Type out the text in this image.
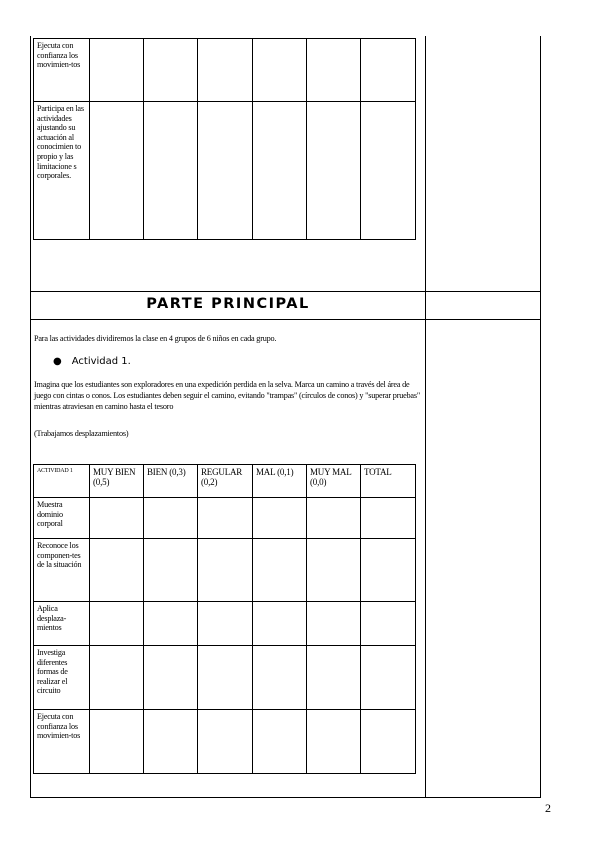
Ejecuta con confianza los movimien-tos						
Participa en las actividades ajustando su actuación al conocimien to propio y las limitacione s corporales.						
PARTE PRINCIPAL
Para las actividades dividiremos la clase en 4 grupos de 6 niños en cada grupo.
● Actividad 1.
Imagina que los estudiantes son exploradores en una expedición perdida en la selva. Marca un camino a través del área de juego con cintas o conos. Los estudiantes deben seguir el camino, evitando "trampas" (círculos de conos) y "superar pruebas" mientras atraviesan en camino hasta el tesoro
(Trabajamos desplazamientos)
ACTIVIDAD 1	MUY BIEN (0,5)	BIEN (0,3)	REGULAR (0,2)	MAL (0,1)	MUY MAL (0,0)	TOTAL
Muestra dominio corporal						
Reconoce los componen-tes de la situación						
Aplica desplaza-mientos						
Investiga diferentes formas de realizar el circuito						
Ejecuta con confianza los movimien-tos						
2
